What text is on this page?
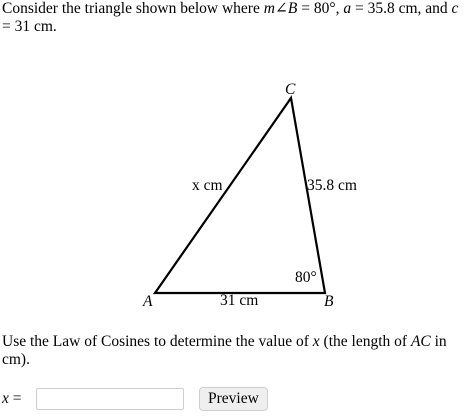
Consider the triangle shown below where m∠B = 80°, a = 35.8 cm, and c = 31 cm.

A	B
C
x cm	35.8 cm
31 cm
80°

Use the Law of Cosines to determine the value of x (the length of AC in cm).

x =	Preview
